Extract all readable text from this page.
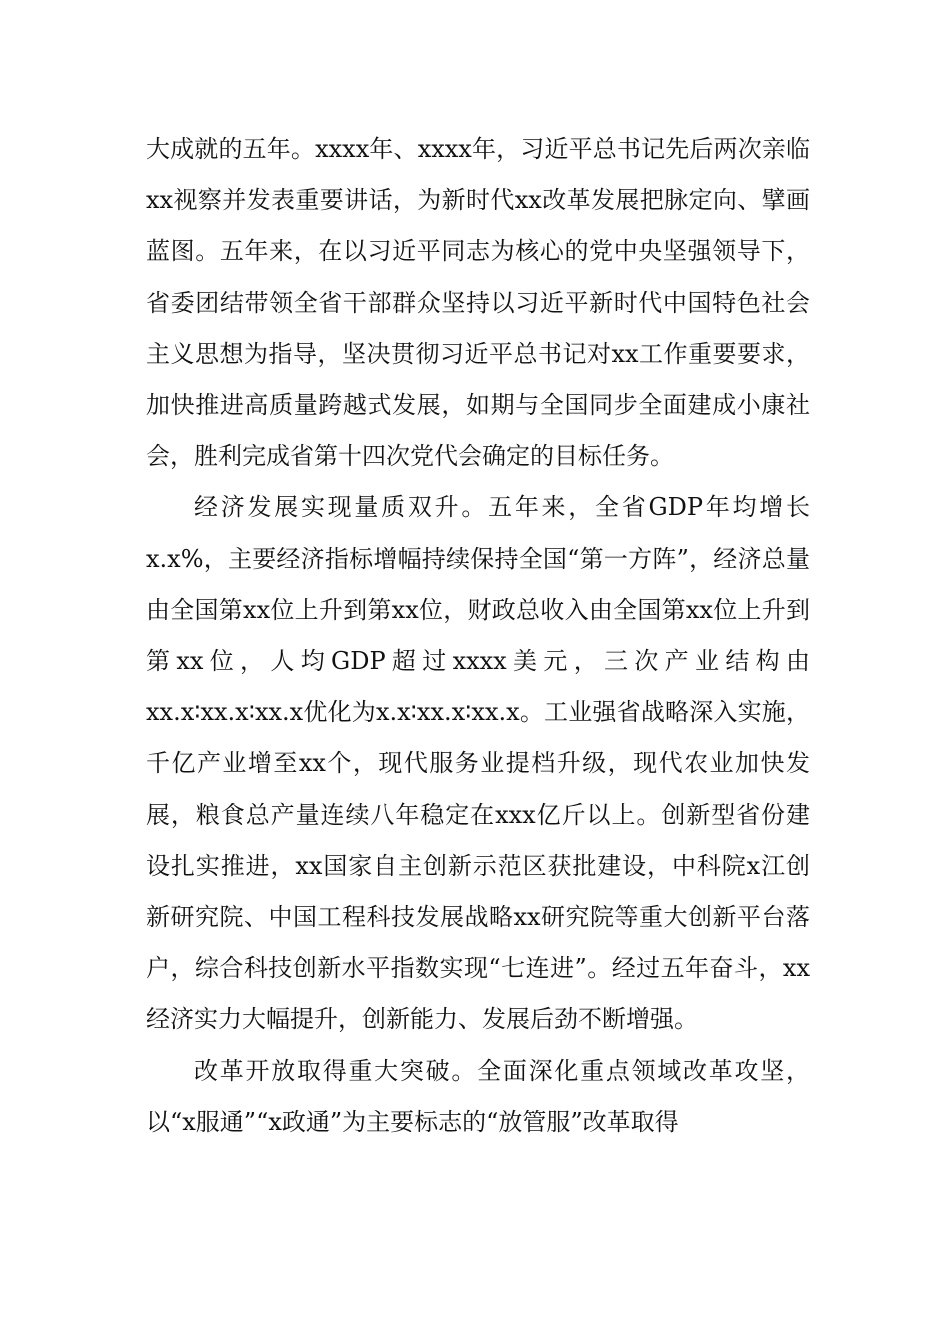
大成就的五年。xxxx年、xxxx年，习近平总书记先后两次亲临xx视察并发表重要讲话，为新时代xx改革发展把脉定向、擘画蓝图。五年来，在以习近平同志为核心的党中央坚强领导下，省委团结带领全省干部群众坚持以习近平新时代中国特色社会主义思想为指导，坚决贯彻习近平总书记对xx工作重要要求，加快推进高质量跨越式发展，如期与全国同步全面建成小康社会，胜利完成省第十四次党代会确定的目标任务。

经济发展实现量质双升。五年来，全省GDP年均增长x.x%，主要经济指标增幅持续保持全国“第一方阵”，经济总量由全国第xx位上升到第xx位，财政总收入由全国第xx位上升到第xx位，人均GDP超过xxxx美元，三次产业结构由xx.x∶xx.x∶xx.x优化为x.x∶xx.x∶xx.x。工业强省战略深入实施，千亿产业增至xx个，现代服务业提档升级，现代农业加快发展，粮食总产量连续八年稳定在xxx亿斤以上。创新型省份建设扎实推进，xx国家自主创新示范区获批建设，中科院x江创新研究院、中国工程科技发展战略xx研究院等重大创新平台落户，综合科技创新水平指数实现“七连进”。经过五年奋斗，xx经济实力大幅提升，创新能力、发展后劲不断增强。

改革开放取得重大突破。全面深化重点领域改革攻坚，以“x服通”“x政通”为主要标志的“放管服”改革取得
